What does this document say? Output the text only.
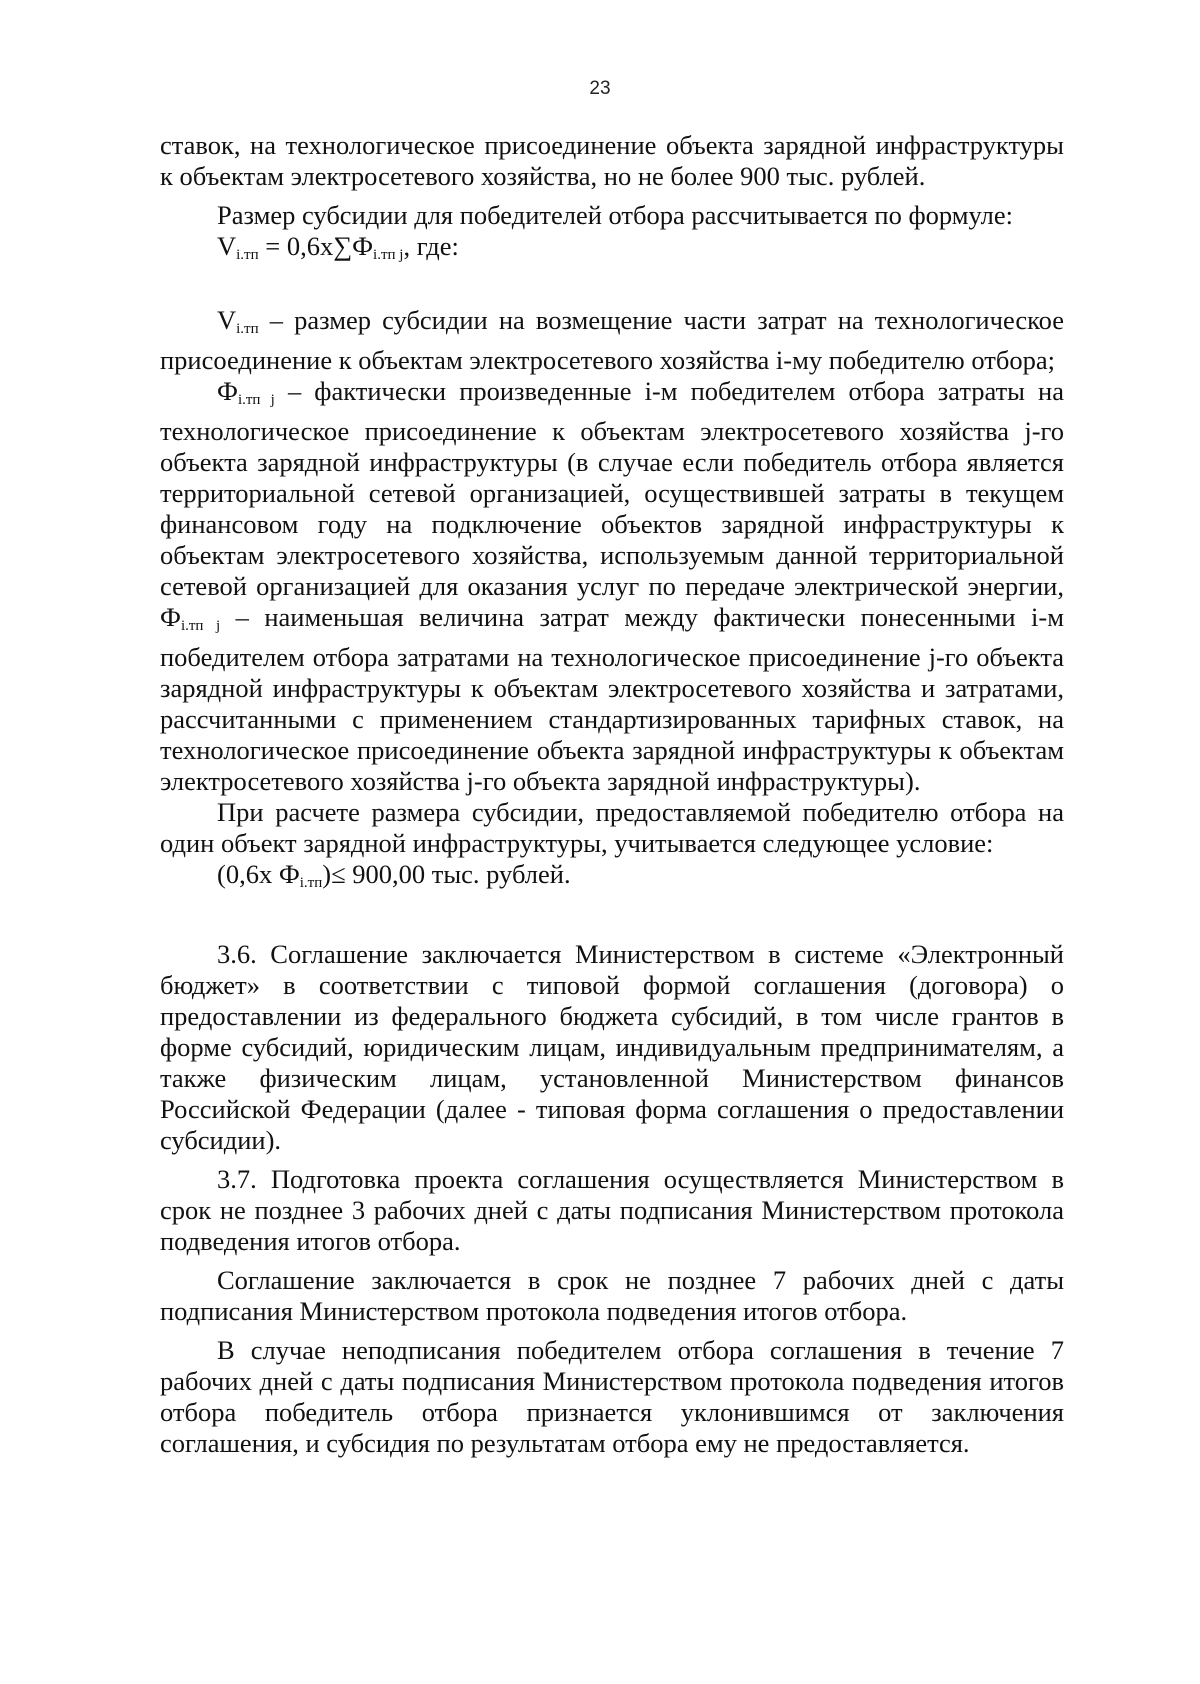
23

ставок, на технологическое присоединение объекта зарядной инфраструктуры к объектам электросетевого хозяйства, но не более 900 тыс. рублей.

Размер субсидии для победителей отбора рассчитывается по формуле:

$V_{i.тп} = 0,6х\sum Ф_{i.тп j}$, где:

$V_{i.тп}$ – размер субсидии на возмещение части затрат на технологическое присоединение к объектам электросетевого хозяйства i-му победителю отбора;

$Ф_{i.тп j}$ – фактически произведенные i-м победителем отбора затраты на технологическое присоединение к объектам электросетевого хозяйства j-го объекта зарядной инфраструктуры (в случае если победитель отбора является территориальной сетевой организацией, осуществившей затраты в текущем финансовом году на подключение объектов зарядной инфраструктуры к объектам электросетевого хозяйства, используемым данной территориальной сетевой организацией для оказания услуг по передаче электрической энергии, $Ф_{i.тп j}$ – наименьшая величина затрат между фактически понесенными i-м победителем отбора затратами на технологическое присоединение j-го объекта зарядной инфраструктуры к объектам электросетевого хозяйства и затратами, рассчитанными с применением стандартизированных тарифных ставок, на технологическое присоединение объекта зарядной инфраструктуры к объектам электросетевого хозяйства j-го объекта зарядной инфраструктуры).

При расчете размера субсидии, предоставляемой победителю отбора на один объект зарядной инфраструктуры, учитывается следующее условие:

(0,6х $Ф_{i.тп})\le 900,00$ тыс. рублей.

3.6. Соглашение заключается Министерством в системе «Электронный бюджет» в соответствии с типовой формой соглашения (договора) о предоставлении из федерального бюджета субсидий, в том числе грантов в форме субсидий, юридическим лицам, индивидуальным предпринимателям, а также физическим лицам, установленной Министерством финансов Российской Федерации (далее - типовая форма соглашения о предоставлении субсидии).

3.7. Подготовка проекта соглашения осуществляется Министерством в срок не позднее 3 рабочих дней с даты подписания Министерством протокола подведения итогов отбора.

Соглашение заключается в срок не позднее 7 рабочих дней с даты подписания Министерством протокола подведения итогов отбора.

В случае неподписания победителем отбора соглашения в течение 7 рабочих дней с даты подписания Министерством протокола подведения итогов отбора победитель отбора признается уклонившимся от заключения соглашения, и субсидия по результатам отбора ему не предоставляется.
